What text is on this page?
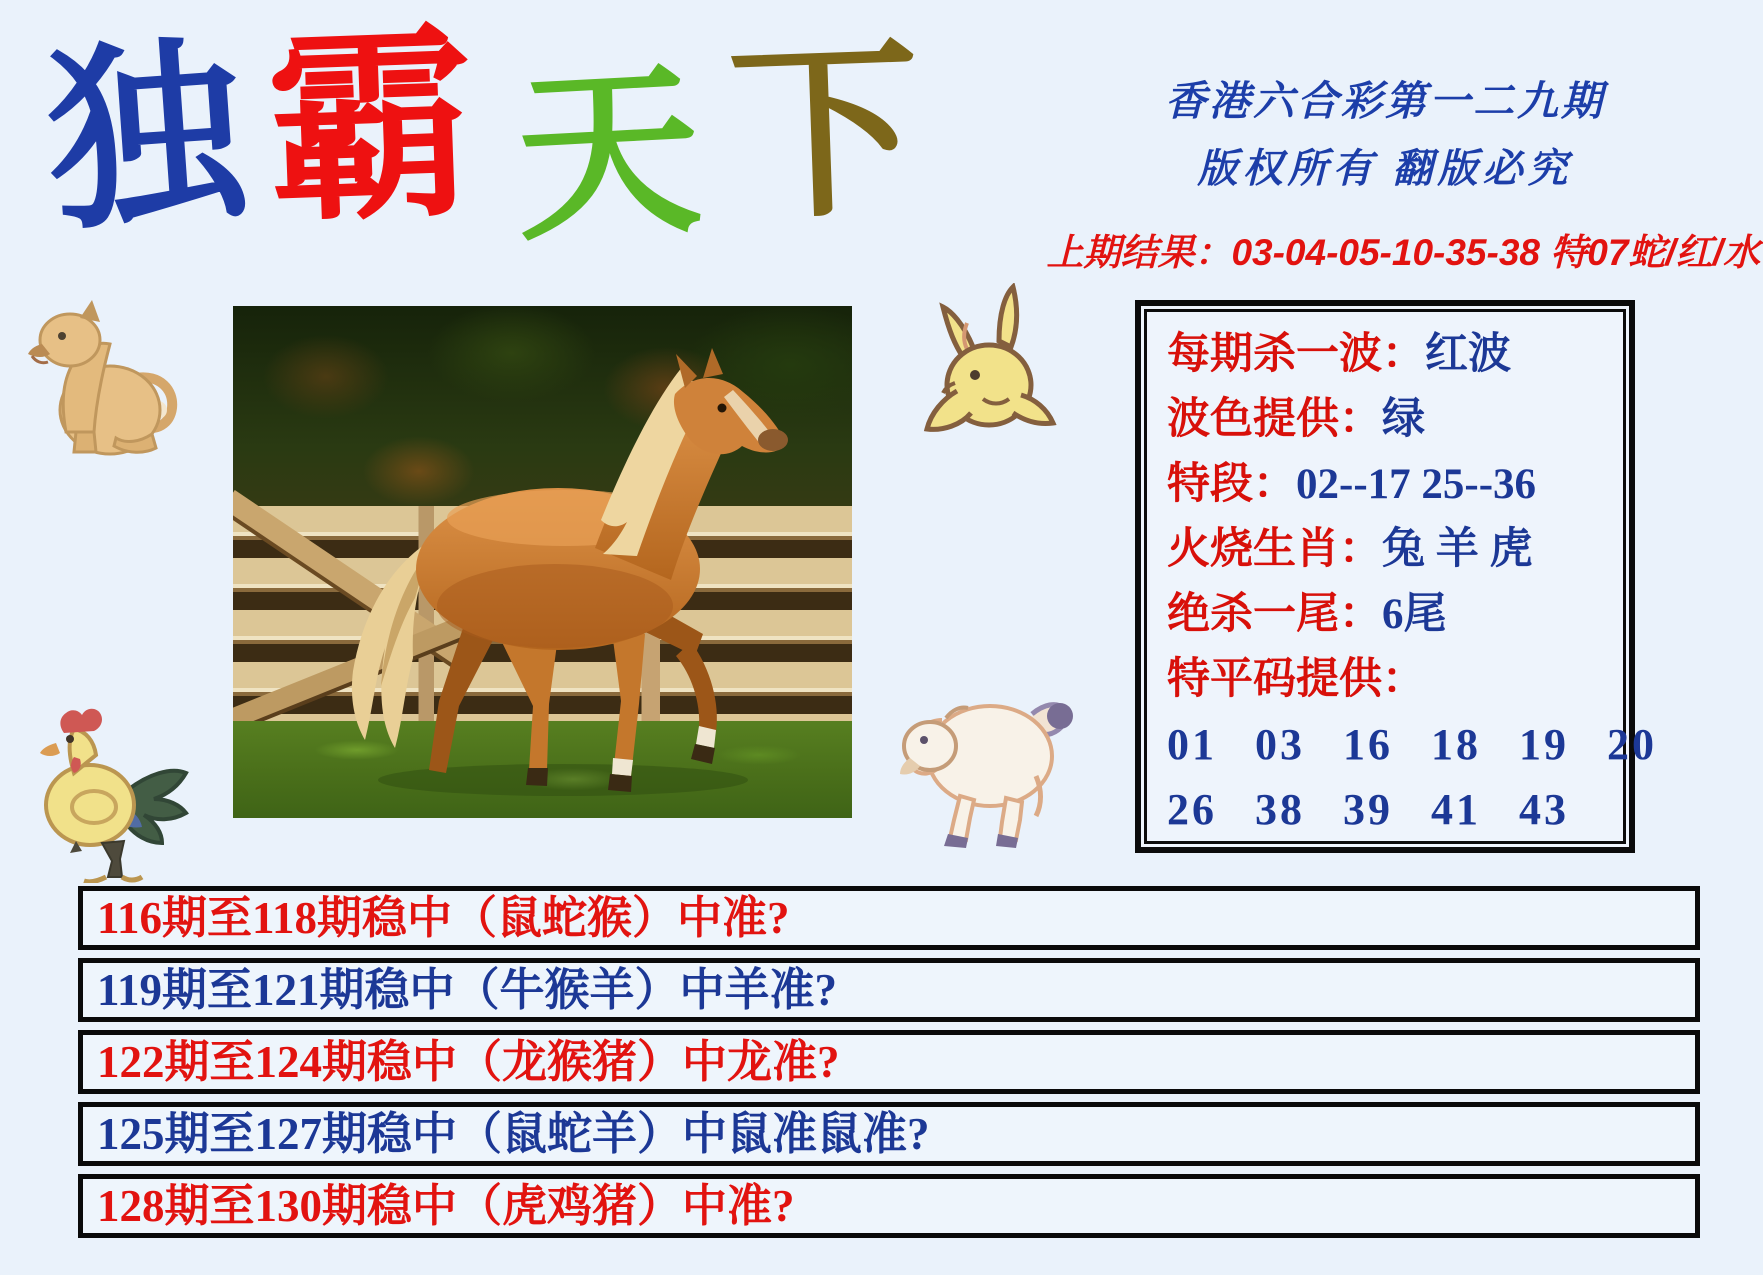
独 霸 天 下	香港六合彩第一二九期
版权所有 翻版必究
上期结果：03-04-05-10-35-38 特07蛇/红/水
每期杀一波：红波
波色提供：绿
特段：02--17 25--36
火烧生肖：兔 羊 虎
绝杀一尾：6尾
特平码提供：
01 03 16 18 19 20
26 38 39 41 43
116期至118期稳中（鼠蛇猴）中准?
119期至121期稳中（牛猴羊）中羊准?
122期至124期稳中（龙猴猪）中龙准?
125期至127期稳中（鼠蛇羊）中鼠准鼠准?
128期至130期稳中（虎鸡猪）中准?
